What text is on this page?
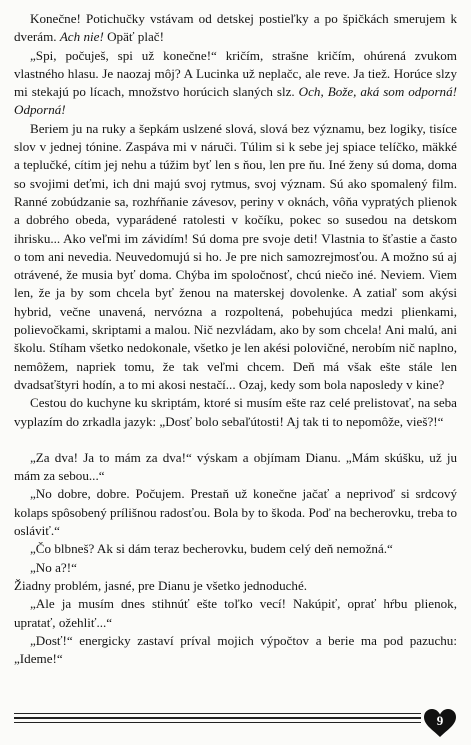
Konečne! Potichučky vstávam od detskej postieľky a po špičkách smerujem k dverám. Ach nie! Opäť plač!

„Spi, počuješ, spi už konečne!“ kričím, strašne kričím, ohúrená zvukom vlastného hlasu. Je naozaj môj? A Lucinka už neplačc, ale reve. Ja tiež. Horúce slzy mi stekajú po lícach, množstvo horúcich slaných slz. Och, Bože, aká som odporná! Odporná!

Beriem ju na ruky a šepkám uslzené slová, slová bez významu, bez logiky, tisíce slov v jednej tónine. Zaspáva mi v náruči. Túlim si k sebe jej spiace telíčko, mäkké a teplučké, cítim jej nehu a túžim byť len s ňou, len pre ňu. Iné ženy sú doma, doma so svojimi deťmi, ich dni majú svoj rytmus, svoj význam. Sú ako spomalený film. Ranné zobúdzanie sa, rozhŕňanie závesov, periny v oknách, vôňa vypratých plienok a dobrého obeda, vyparádené ratolesti v kočíku, pokec so susedou na detskom ihrisku... Ako veľmi im závidím! Sú doma pre svoje deti! Vlastnia to šťastie a často o tom ani nevedia. Neuvedomujú si ho. Je pre nich samozrejmosťou. A možno sú aj otrávené, že musia byť doma. Chýba im spoločnosť, chcú niečo iné. Neviem. Viem len, že ja by som chcela byť ženou na materskej dovolenke. A zatiaľ som akýsi hybrid, večne unavená, nervózna a rozpoltená, pobehujúca medzi plienkami, polievočkami, skriptami a malou. Nič nezvládam, ako by som chcela! Ani malú, ani školu. Stíham všetko nedokonale, všetko je len akési polovičné, nerobím nič naplno, nemôžem, napriek tomu, že tak veľmi chcem. Deň má však ešte stále len dvadsaťštyri hodín, a to mi akosi nestačí... Ozaj, kedy som bola naposledy v kine?

Cestou do kuchyne ku skriptám, ktoré si musím ešte raz celé prelistovať, na seba vyplazím do zrkadla jazyk: „Dosť bolo sebaľútosti! Aj tak ti to nepomôže, vieš?!“

„Za dva! Ja to mám za dva!“ výskam a objímam Dianu. „Mám skúšku, už ju mám za sebou...“

„No dobre, dobre. Počujem. Prestaň už konečne jačať a neprivoď si srdcový kolaps spôsobený prílišnou radosťou. Bola by to škoda. Poď na becherovku, treba to osláviť.“

„Čo blbneš? Ak si dám teraz becherovku, budem celý deň nemožná.“

„No a?!“

Žiadny problém, jasné, pre Dianu je všetko jednoduché.

„Ale ja musím dnes stihnúť ešte toľko vecí! Nakúpiť, oprať hŕbu plienok, upratať, ožehliť...“

„Dosť!“ energicky zastaví príval mojich výpočtov a berie ma pod pazuchu: „Ideme!“

9
